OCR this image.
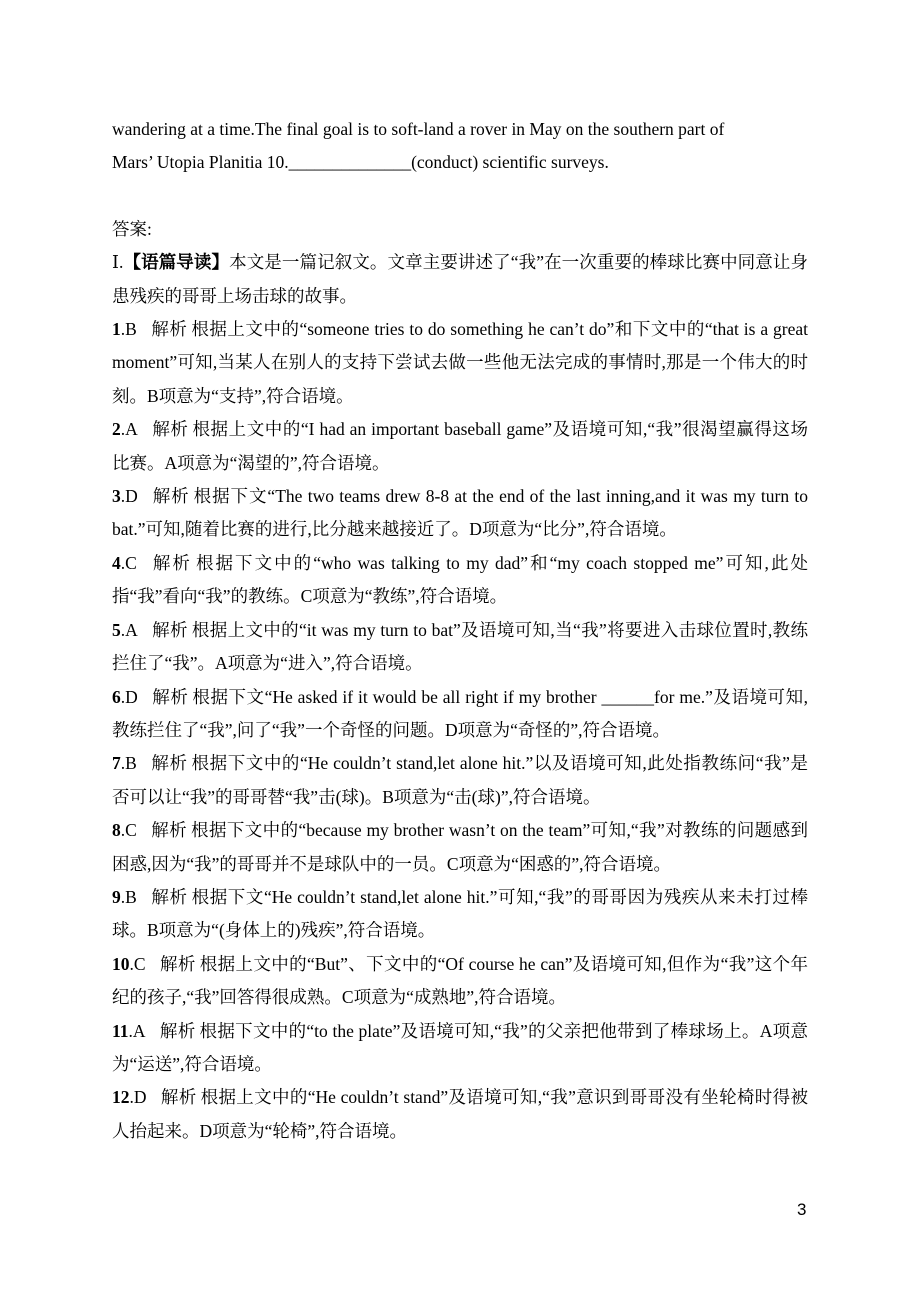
wandering at a time.The final goal is to soft-land a rover in May on the southern part of

Mars’ Utopia Planitia 10.______________(conduct) scientific surveys.

答案:

Ⅰ.【语篇导读】本文是一篇记叙文。文章主要讲述了“我”在一次重要的棒球比赛中同意让身患残疾的哥哥上场击球的故事。

1.B 解析 根据上文中的“someone tries to do something he can’t do”和下文中的“that is a great moment”可知,当某人在别人的支持下尝试去做一些他无法完成的事情时,那是一个伟大的时刻。B项意为“支持”,符合语境。

2.A 解析 根据上文中的“I had an important baseball game”及语境可知,“我”很渴望赢得这场比赛。A项意为“渴望的”,符合语境。

3.D 解析 根据下文“The two teams drew 8-8 at the end of the last inning,and it was my turn to bat.”可知,随着比赛的进行,比分越来越接近了。D项意为“比分”,符合语境。

4.C 解析 根据下文中的“who was talking to my dad”和“my coach stopped me”可知,此处指“我”看向“我”的教练。C项意为“教练”,符合语境。

5.A 解析 根据上文中的“it was my turn to bat”及语境可知,当“我”将要进入击球位置时,教练拦住了“我”。A项意为“进入”,符合语境。

6.D 解析 根据下文“He asked if it would be all right if my brother ______for me.”及语境可知,教练拦住了“我”,问了“我”一个奇怪的问题。D项意为“奇怪的”,符合语境。

7.B 解析 根据下文中的“He couldn’t stand,let alone hit.”以及语境可知,此处指教练问“我”是否可以让“我”的哥哥替“我”击(球)。B项意为“击(球)”,符合语境。

8.C 解析 根据下文中的“because my brother wasn’t on the team”可知,“我”对教练的问题感到困惑,因为“我”的哥哥并不是球队中的一员。C项意为“困惑的”,符合语境。

9.B 解析 根据下文“He couldn’t stand,let alone hit.”可知,“我”的哥哥因为残疾从来未打过棒球。B项意为“(身体上的)残疾”,符合语境。

10.C 解析 根据上文中的“But”、下文中的“Of course he can”及语境可知,但作为“我”这个年纪的孩子,“我”回答得很成熟。C项意为“成熟地”,符合语境。

11.A 解析 根据下文中的“to the plate”及语境可知,“我”的父亲把他带到了棒球场上。A项意为“运送”,符合语境。

12.D 解析 根据上文中的“He couldn’t stand”及语境可知,“我”意识到哥哥没有坐轮椅时得被人抬起来。D项意为“轮椅”,符合语境。

3
